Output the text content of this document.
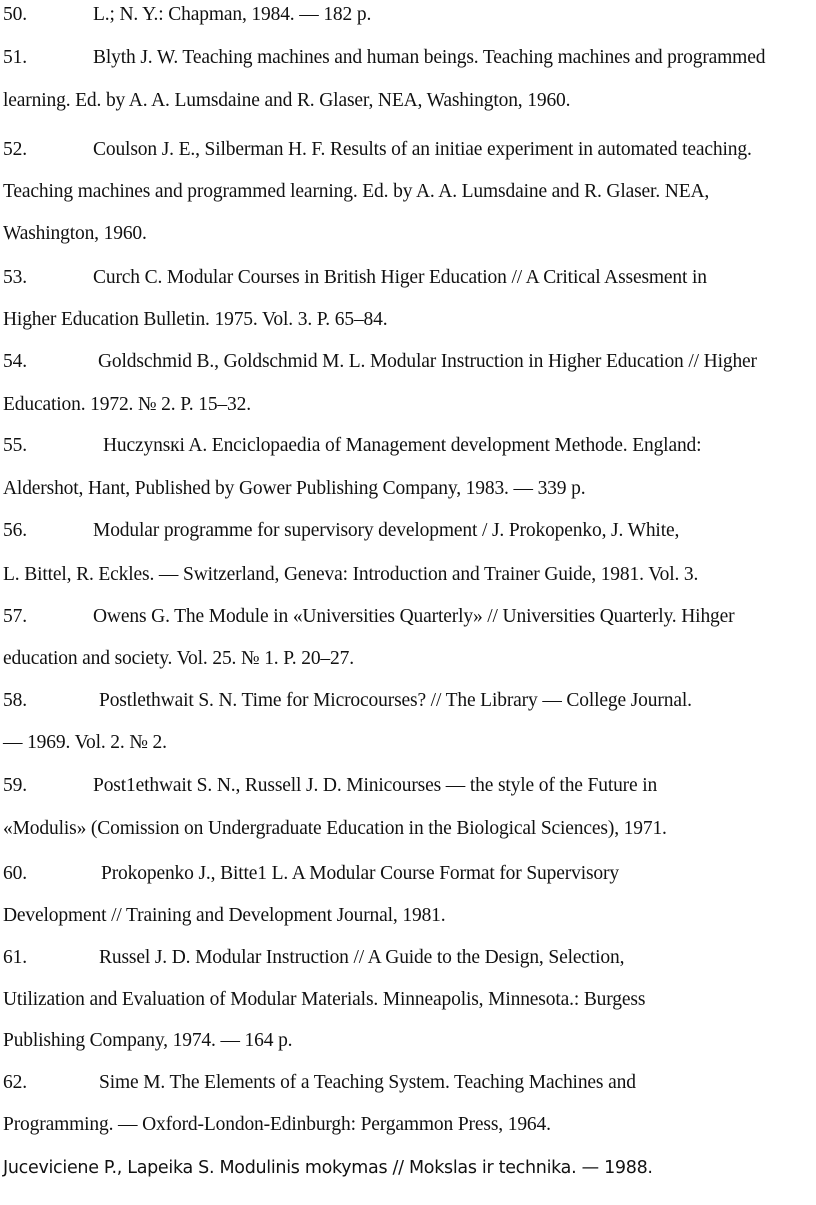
50.	L.; N. Y.: Chapman, 1984. — 182 p.
51.	Blyth J. W. Teaching machines and human beings. Teaching machines and programmed
learning. Ed. by A. A. Lumsdaine and R. Glaser, NEA, Washington, 1960.
52.	Coulson J. E., Silberman H. F. Results of an initiae experiment in automated teaching.
Teaching machines and programmed learning. Ed. by A. A. Lumsdaine and R. Glaser. NEA,
Washington, 1960.
53.	Curch C. Modular Courses in British Higer Education // A Critical Assesment in
Higher Education Bulletin. 1975. Vol. 3. P. 65–84.
54.	Goldschmid B., Goldschmid M. L. Modular Instruction in Higher Education // Higher
Education. 1972. № 2. P. 15–32.
55.	Huczynsкi A. Enciclopaedia of Management development Methode. England:
Aldershot, Hant, Published by Gower Publishing Company, 1983. — 339 p.
56.	Modular programme for supervisory development / J. Prokopenko, J. White,
L. Bittel, R. Eckles. — Switzerland, Geneva: Introduction and Trainer Guide, 1981. Vol. 3.
57.	Owens G. The Module in «Universities Quarterly» // Universities Quarterly. Hihger
education and society. Vol. 25. № 1. P. 20–27.
58.	Postlethwait S. N. Time for Microcourses? // The Library — College Journal.
— 1969. Vol. 2. № 2.
59.	Post1ethwait S. N., Russell J. D. Minicourses — the style of the Future in
«Modulis» (Comission on Undergraduate Education in the Biological Sciences), 1971.
60.	Prokopenko J., Bitte1 L. A Modular Course Format for Supervisory
Development // Training and Development Journal, 1981.
61.	Russel J. D. Modular Instruction // A Guide to the Design, Selection,
Utilization and Evaluation of Modular Materials. Minneapolis, Minnesota.: Burgess
Publishing Company, 1974. — 164 p.
62.	Sime M. The Elements of a Teaching System. Teaching Machines and
Programming. — Oxford-London-Edinburgh: Pergammon Press, 1964.
Juceviciene P., Lapeika S. Modulinis mokymas // Mokslas ir technika. — 1988.
